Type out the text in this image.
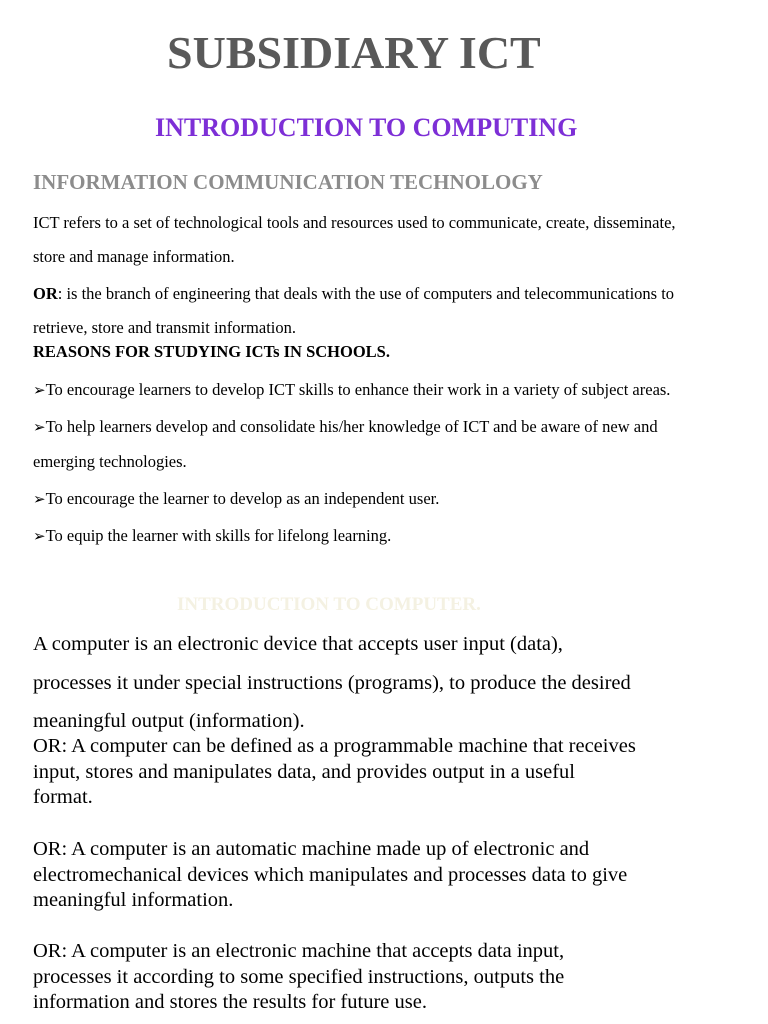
SUBSIDIARY ICT
INTRODUCTION TO COMPUTING
INFORMATION COMMUNICATION TECHNOLOGY
ICT refers to a set of technological tools and resources used to communicate, create, disseminate,
store and manage information.
OR: is the branch of engineering that deals with the use of computers and telecommunications to
retrieve, store and transmit information.
REASONS FOR STUDYING ICTs IN SCHOOLS.
➢To encourage learners to develop ICT skills to enhance their work in a variety of subject areas.
➢To help learners develop and consolidate his/her knowledge of ICT and be aware of new and
emerging technologies.
➢To encourage the learner to develop as an independent user.
➢To equip the learner with skills for lifelong learning.
INTRODUCTION TO COMPUTER.
A computer is an electronic device that accepts user input (data),
processes it under special instructions (programs), to produce the desired
meaningful output (information).
OR: A computer can be defined as a programmable machine that receives
input, stores and manipulates data, and provides output in a useful
format.
OR: A computer is an automatic machine made up of electronic and
electromechanical devices which manipulates and processes data to give
meaningful information.
OR: A computer is an electronic machine that accepts data input,
processes it according to some specified instructions, outputs the
information and stores the results for future use.
